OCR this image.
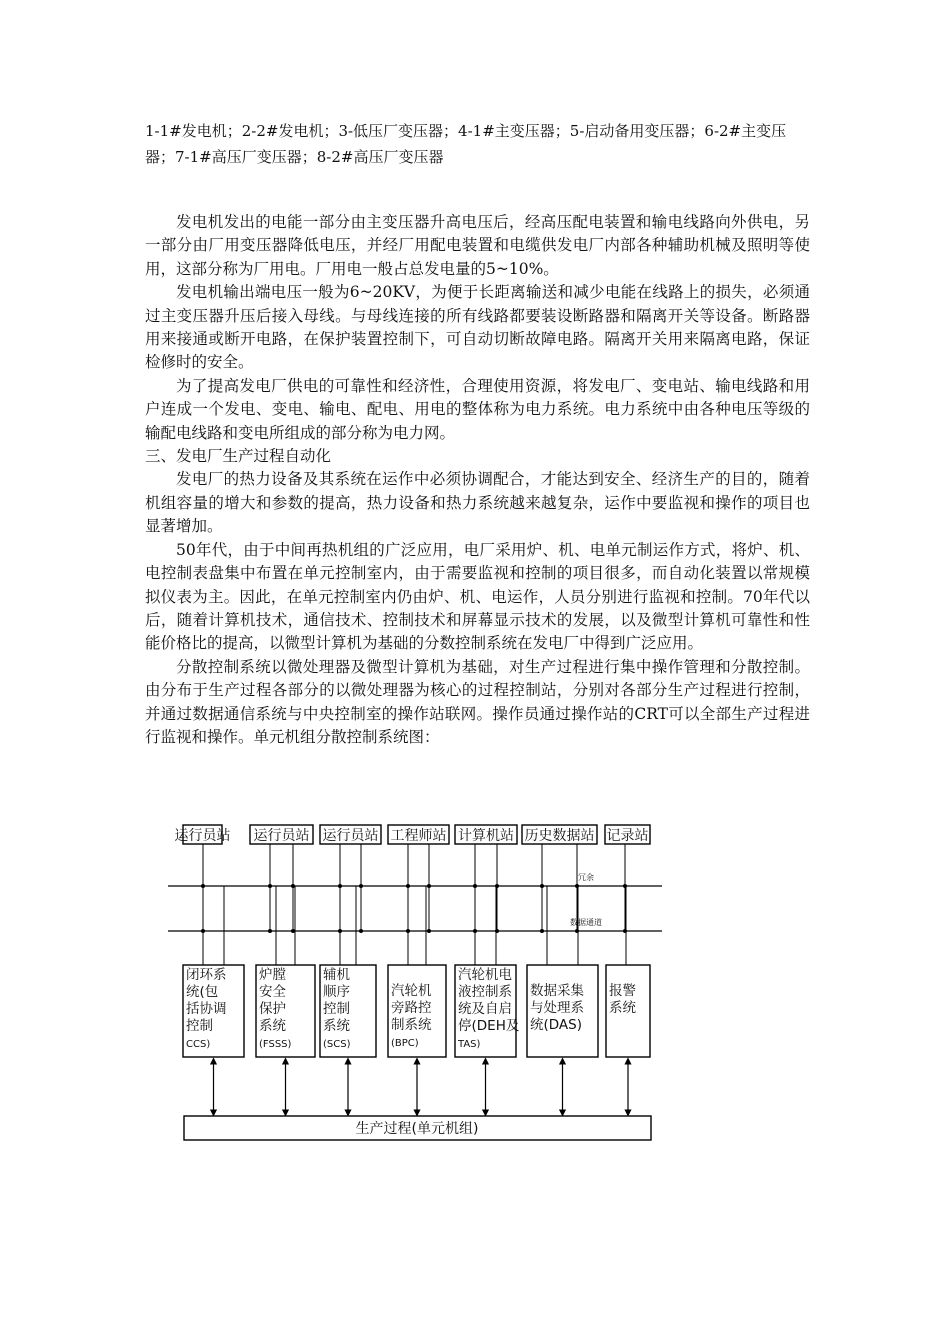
1-1#发电机；2-2#发电机；3-低压厂变压器；4-1#主变压器；5-启动备用变压器；6-2#主变压器；7-1#高压厂变压器；8-2#高压厂变压器

发电机发出的电能一部分由主变压器升高电压后，经高压配电装置和输电线路向外供电，另一部分由厂用变压器降低电压，并经厂用配电装置和电缆供发电厂内部各种辅助机械及照明等使用，这部分称为厂用电。厂用电一般占总发电量的5~10%。

发电机输出端电压一般为6~20KV，为便于长距离输送和减少电能在线路上的损失，必须通过主变压器升压后接入母线。与母线连接的所有线路都要装设断路器和隔离开关等设备。断路器用来接通或断开电路，在保护装置控制下，可自动切断故障电路。隔离开关用来隔离电路，保证检修时的安全。

为了提高发电厂供电的可靠性和经济性，合理使用资源，将发电厂、变电站、输电线路和用户连成一个发电、变电、输电、配电、用电的整体称为电力系统。电力系统中由各种电压等级的输配电线路和变电所组成的部分称为电力网。

三、发电厂生产过程自动化

发电厂的热力设备及其系统在运作中必须协调配合，才能达到安全、经济生产的目的，随着机组容量的增大和参数的提高，热力设备和热力系统越来越复杂，运作中要监视和操作的项目也显著增加。

50年代，由于中间再热机组的广泛应用，电厂采用炉、机、电单元制运作方式，将炉、机、电控制表盘集中布置在单元控制室内，由于需要监视和控制的项目很多，而自动化装置以常规模拟仪表为主。因此，在单元控制室内仍由炉、机、电运作，人员分别进行监视和控制。70年代以后，随着计算机技术，通信技术、控制技术和屏幕显示技术的发展，以及微型计算机可靠性和性能价格比的提高，以微型计算机为基础的分数控制系统在发电厂中得到广泛应用。

分散控制系统以微处理器及微型计算机为基础，对生产过程进行集中操作管理和分散控制。由分布于生产过程各部分的以微处理器为核心的过程控制站，分别对各部分生产过程进行控制，并通过数据通信系统与中央控制室的操作站联网。操作员通过操作站的CRT可以全部生产过程进行监视和操作。单元机组分散控制系统图：

冗余
数据通道
运行员站 运行员站 运行员站 工程师站 计算机站 历史数据站 记录站
闭环系
统(包
括协调
控制
CCS)
炉膛
安全
保护
系统
(FSSS)
辅机
顺序
控制
系统
(SCS)
汽轮机
旁路控
制系统
(BPC)
汽轮机电
液控制系
统及自启
停(DEH及
TAS)
数据采集
与处理系
统(DAS)
报警
系统
生产过程(单元机组)
